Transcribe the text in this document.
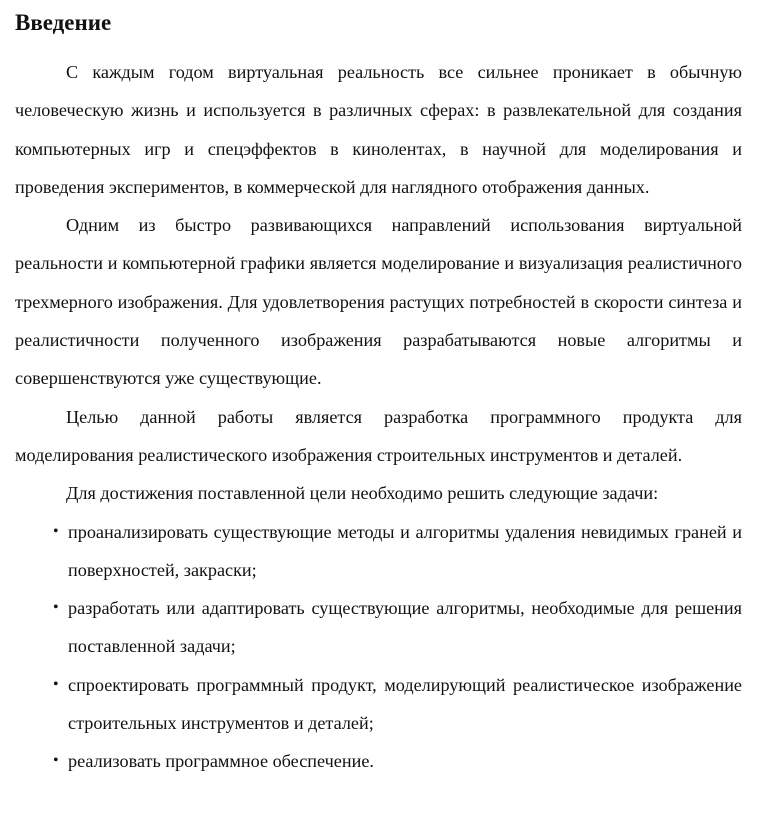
Введение

С каждым годом виртуальная реальность все сильнее проникает в обычную человеческую жизнь и используется в различных сферах: в развлекательной для создания компьютерных игр и спецэффектов в кинолентах, в научной для моделирования и проведения экспериментов, в коммерческой для наглядного отображения данных.

Одним из быстро развивающихся направлений использования виртуальной реальности и компьютерной графики является моделирование и визуализация реалистичного трехмерного изображения. Для удовлетворения растущих потребностей в скорости синтеза и реалистичности полученного изображения разрабатываются новые алгоритмы и совершенствуются уже существующие.

Целью данной работы является разработка программного продукта для моделирования реалистического изображения строительных инструментов и деталей.

Для достижения поставленной цели необходимо решить следующие задачи:

• проанализировать существующие методы и алгоритмы удаления невидимых граней и поверхностей, закраски;
• разработать или адаптировать существующие алгоритмы, необходимые для решения поставленной задачи;
• спроектировать программный продукт, моделирующий реалистическое изображение строительных инструментов и деталей;
• реализовать программное обеспечение.
